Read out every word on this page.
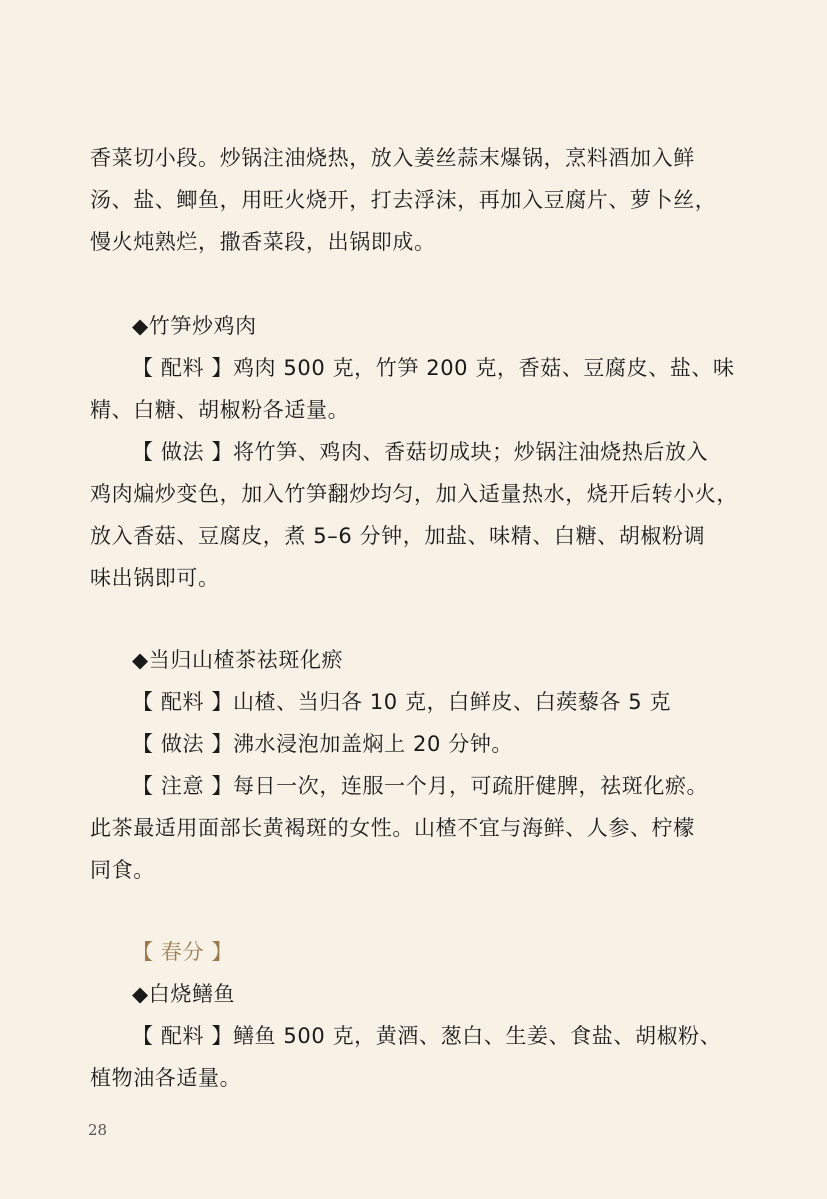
香菜切小段。炒锅注油烧热，放入姜丝蒜末爆锅，烹料酒加入鲜
汤、盐、鲫鱼，用旺火烧开，打去浮沫，再加入豆腐片、萝卜丝，
慢火炖熟烂，撒香菜段，出锅即成。
◆竹笋炒鸡肉
【 配料 】鸡肉 500 克，竹笋 200 克，香菇、豆腐皮、盐、味
精、白糖、胡椒粉各适量。
【 做法 】将竹笋、鸡肉、香菇切成块；炒锅注油烧热后放入
鸡肉煸炒变色，加入竹笋翻炒均匀，加入适量热水，烧开后转小火，
放入香菇、豆腐皮，煮 5–6 分钟，加盐、味精、白糖、胡椒粉调
味出锅即可。
◆当归山楂茶祛斑化瘀
【 配料 】山楂、当归各 10 克，白鲜皮、白蒺藜各 5 克
【 做法 】沸水浸泡加盖焖上 20 分钟。
【 注意 】每日一次，连服一个月，可疏肝健脾，祛斑化瘀。
此茶最适用面部长黄褐斑的女性。山楂不宜与海鲜、人参、柠檬
同食。
【 春分 】
◆白烧鳝鱼
【 配料 】鳝鱼 500 克，黄酒、葱白、生姜、食盐、胡椒粉、
植物油各适量。
28
